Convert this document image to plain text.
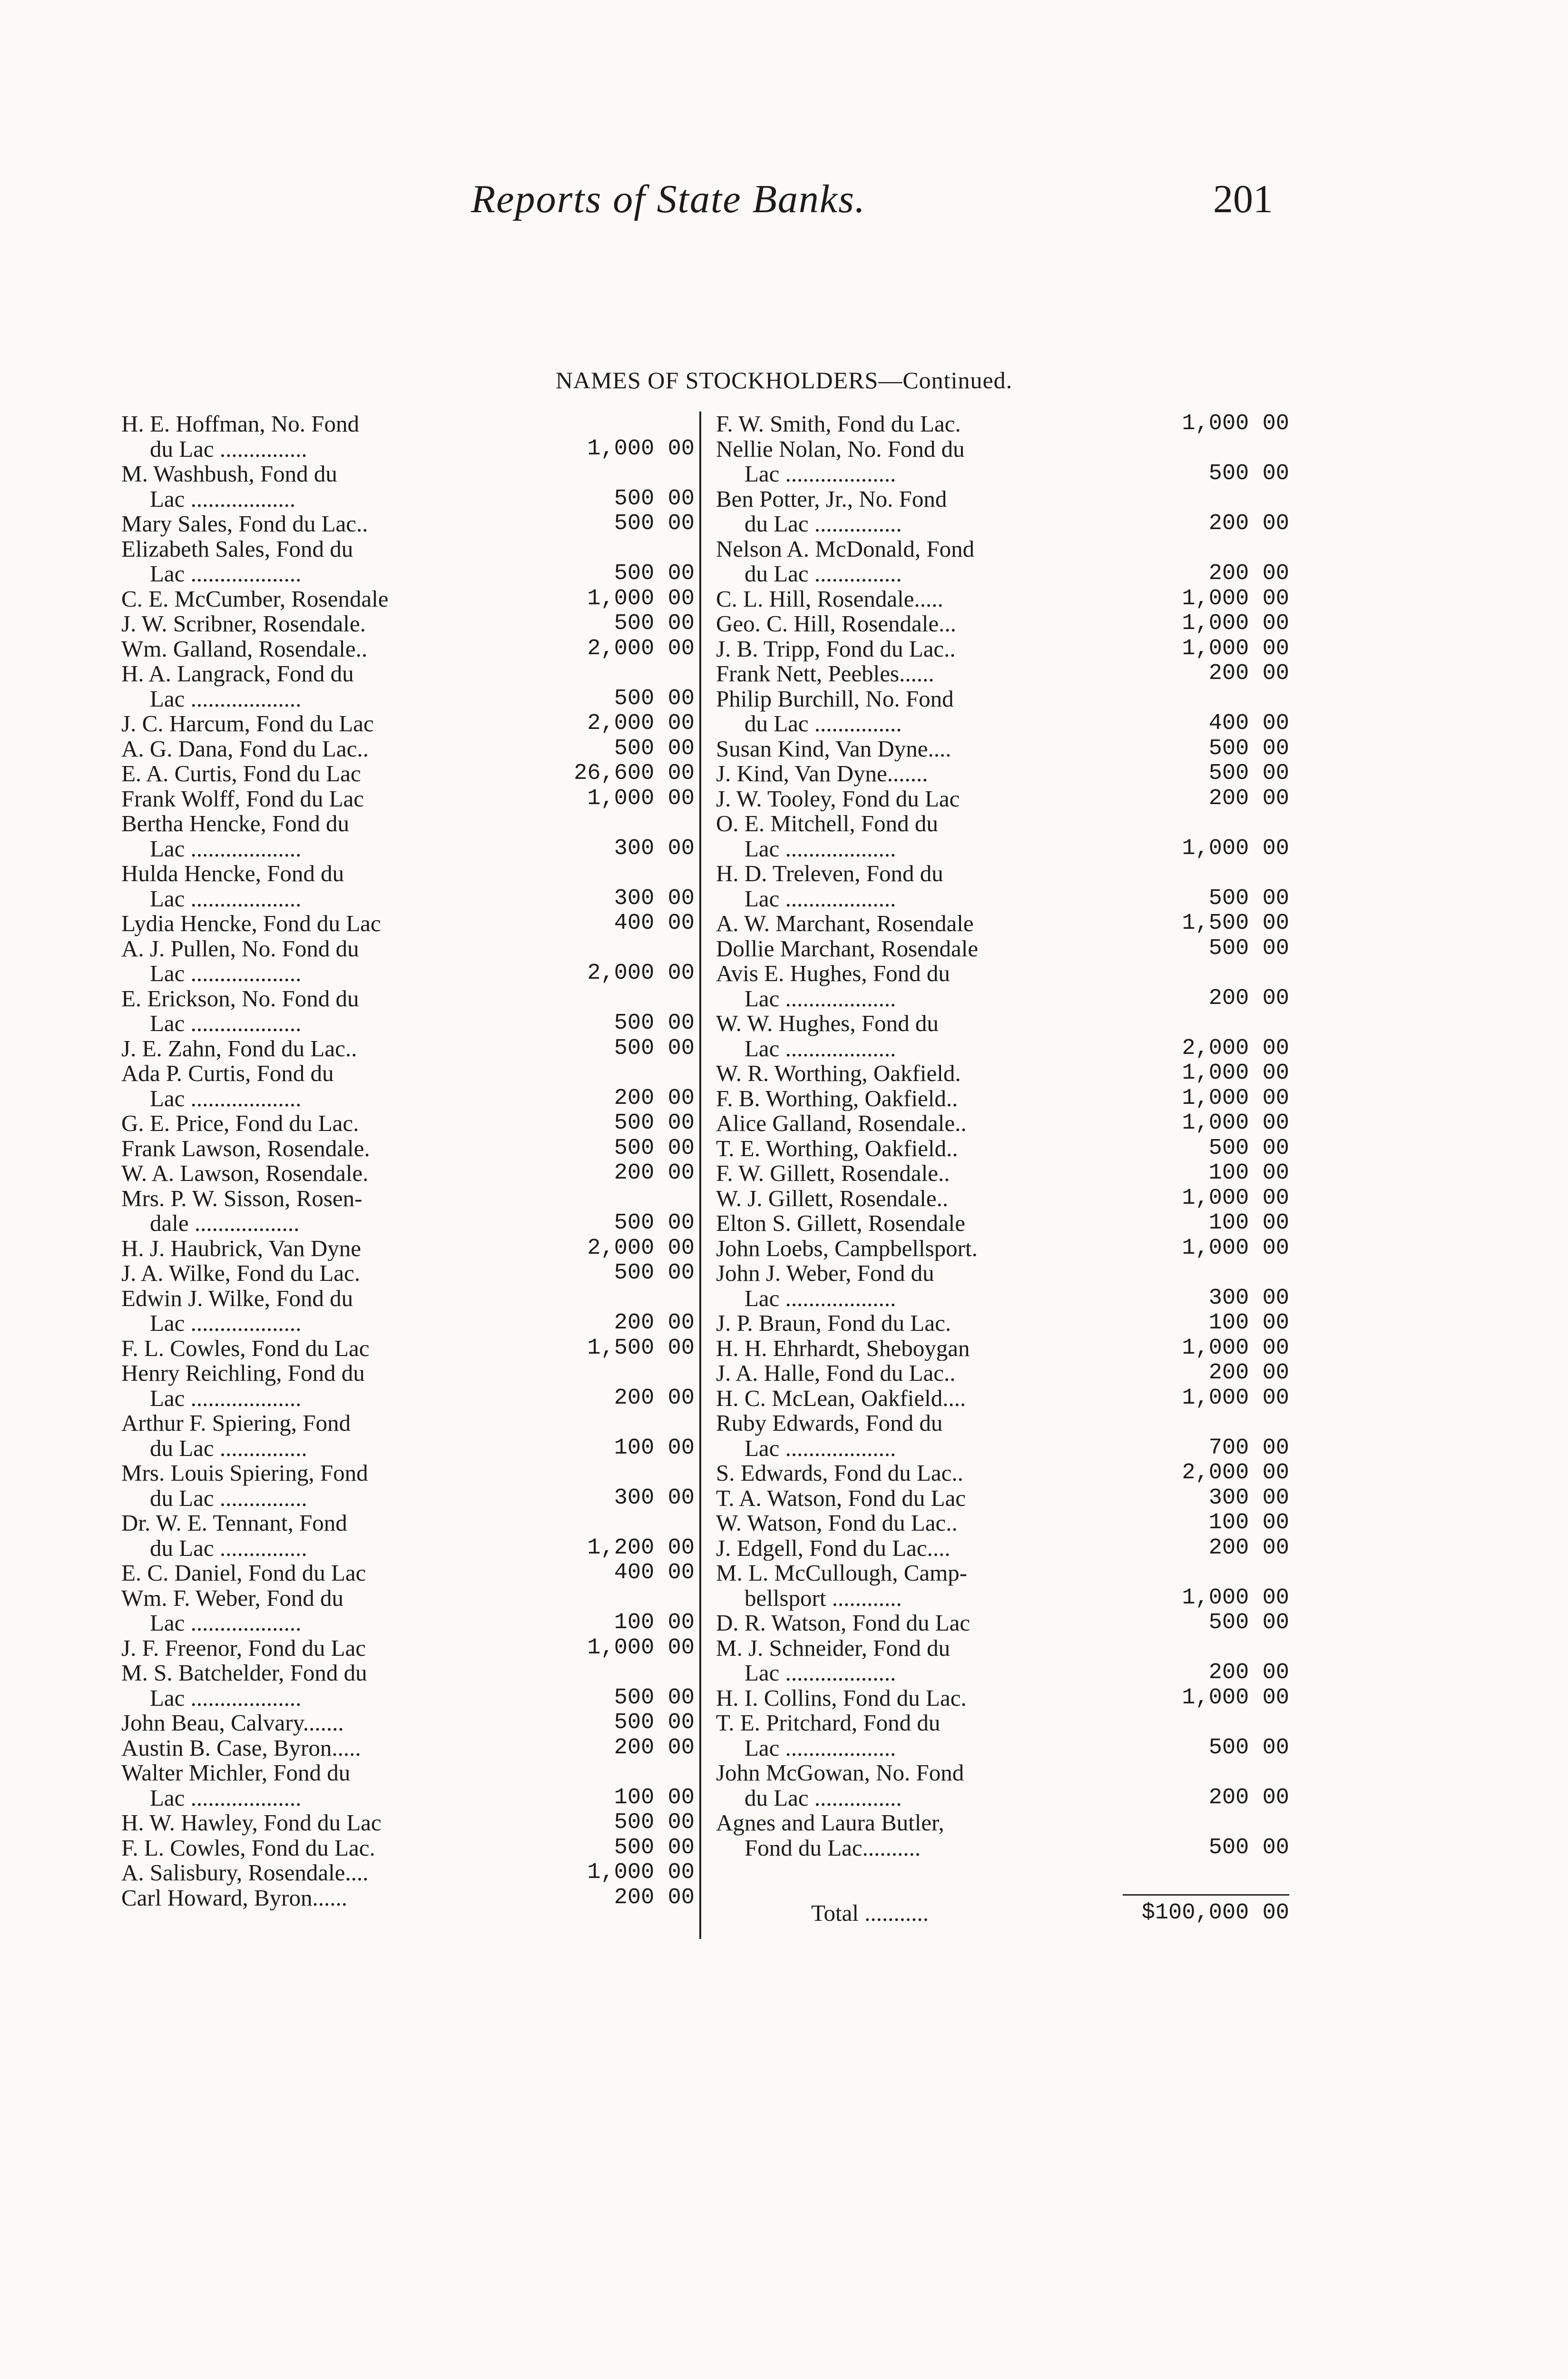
Reports of State Banks.	201
NAMES OF STOCKHOLDERS—Continued.
H. E. Hoffman, No. Fond
du Lac ...............	1,000 00
M. Washbush, Fond du
Lac ..................	500 00
Mary Sales, Fond du Lac..	500 00
Elizabeth Sales, Fond du
Lac ...................	500 00
C. E. McCumber, Rosendale	1,000 00
J. W. Scribner, Rosendale.	500 00
Wm. Galland, Rosendale..	2,000 00
H. A. Langrack, Fond du
Lac ...................	500 00
J. C. Harcum, Fond du Lac	2,000 00
A. G. Dana, Fond du Lac..	500 00
E. A. Curtis, Fond du Lac	26,600 00
Frank Wolff, Fond du Lac	1,000 00
Bertha Hencke, Fond du
Lac ...................	300 00
Hulda Hencke, Fond du
Lac ...................	300 00
Lydia Hencke, Fond du Lac	400 00
A. J. Pullen, No. Fond du
Lac ...................	2,000 00
E. Erickson, No. Fond du
Lac ...................	500 00
J. E. Zahn, Fond du Lac..	500 00
Ada P. Curtis, Fond du
Lac ...................	200 00
G. E. Price, Fond du Lac.	500 00
Frank Lawson, Rosendale.	500 00
W. A. Lawson, Rosendale.	200 00
Mrs. P. W. Sisson, Rosen-
dale ..................	500 00
H. J. Haubrick, Van Dyne	2,000 00
J. A. Wilke, Fond du Lac.	500 00
Edwin J. Wilke, Fond du
Lac ...................	200 00
F. L. Cowles, Fond du Lac	1,500 00
Henry Reichling, Fond du
Lac ...................	200 00
Arthur F. Spiering, Fond
du Lac ...............	100 00
Mrs. Louis Spiering, Fond
du Lac ...............	300 00
Dr. W. E. Tennant, Fond
du Lac ...............	1,200 00
E. C. Daniel, Fond du Lac	400 00
Wm. F. Weber, Fond du
Lac ...................	100 00
J. F. Freenor, Fond du Lac	1,000 00
M. S. Batchelder, Fond du
Lac ...................	500 00
John Beau, Calvary.......	500 00
Austin B. Case, Byron.....	200 00
Walter Michler, Fond du
Lac ...................	100 00
H. W. Hawley, Fond du Lac	500 00
F. L. Cowles, Fond du Lac.	500 00
A. Salisbury, Rosendale....	1,000 00
Carl Howard, Byron......	200 00
F. W. Smith, Fond du Lac.	1,000 00
Nellie Nolan, No. Fond du
Lac ...................	500 00
Ben Potter, Jr., No. Fond
du Lac ...............	200 00
Nelson A. McDonald, Fond
du Lac ...............	200 00
C. L. Hill, Rosendale.....	1,000 00
Geo. C. Hill, Rosendale...	1,000 00
J. B. Tripp, Fond du Lac..	1,000 00
Frank Nett, Peebles......	200 00
Philip Burchill, No. Fond
du Lac ...............	400 00
Susan Kind, Van Dyne....	500 00
J. Kind, Van Dyne.......	500 00
J. W. Tooley, Fond du Lac	200 00
O. E. Mitchell, Fond du
Lac ...................	1,000 00
H. D. Treleven, Fond du
Lac ...................	500 00
A. W. Marchant, Rosendale	1,500 00
Dollie Marchant, Rosendale	500 00
Avis E. Hughes, Fond du
Lac ...................	200 00
W. W. Hughes, Fond du
Lac ...................	2,000 00
W. R. Worthing, Oakfield.	1,000 00
F. B. Worthing, Oakfield..	1,000 00
Alice Galland, Rosendale..	1,000 00
T. E. Worthing, Oakfield..	500 00
F. W. Gillett, Rosendale..	100 00
W. J. Gillett, Rosendale..	1,000 00
Elton S. Gillett, Rosendale	100 00
John Loebs, Campbellsport.	1,000 00
John J. Weber, Fond du
Lac ...................	300 00
J. P. Braun, Fond du Lac.	100 00
H. H. Ehrhardt, Sheboygan	1,000 00
J. A. Halle, Fond du Lac..	200 00
H. C. McLean, Oakfield....	1,000 00
Ruby Edwards, Fond du
Lac ...................	700 00
S. Edwards, Fond du Lac..	2,000 00
T. A. Watson, Fond du Lac	300 00
W. Watson, Fond du Lac..	100 00
J. Edgell, Fond du Lac....	200 00
M. L. McCullough, Camp-
bellsport ............	1,000 00
D. R. Watson, Fond du Lac	500 00
M. J. Schneider, Fond du
Lac ...................	200 00
H. I. Collins, Fond du Lac.	1,000 00
T. E. Pritchard, Fond du
Lac ...................	500 00
John McGowan, No. Fond
du Lac ...............	200 00
Agnes and Laura Butler,
Fond du Lac..........	500 00
Total ...........	$100,000 00
